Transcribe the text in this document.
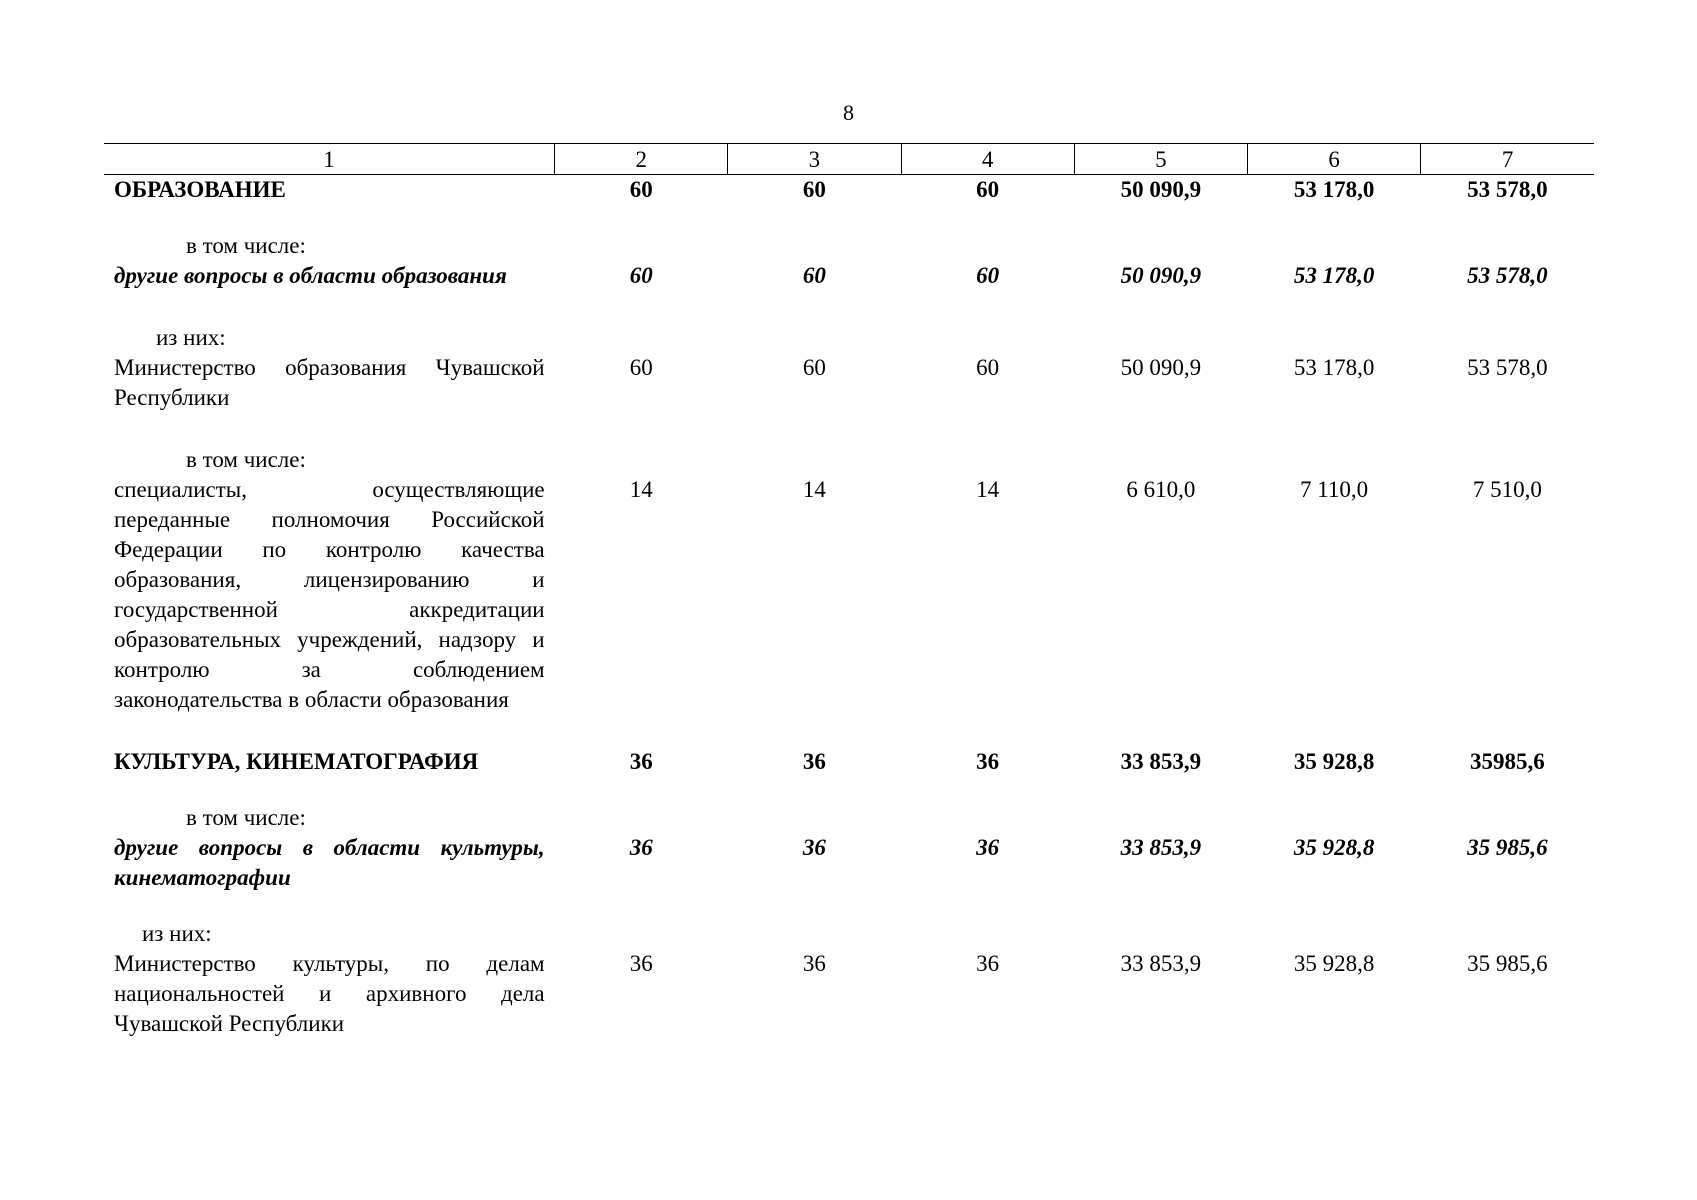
8
1	2	3	4	5	6	7
ОБРАЗОВАНИЕ	60	60	60	50 090,9	53 178,0	53 578,0

в том числе:						

другие вопросы в области образования	60	60	60	50 090,9	53 178,0	53 578,0

из них:						

Министерство образования Чувашской Республики	60	60	60	50 090,9	53 178,0	53 578,0

в том числе:						

специалисты, осуществляющие переданные полномочия Российской Федерации по контролю качества образования, лицензированию и государственной аккредитации образовательных учреждений, надзору и контролю за соблюдением законодательства в области образования	14	14	14	6 610,0	7 110,0	7 510,0

КУЛЬТУРА, КИНЕМАТОГРАФИЯ	36	36	36	33 853,9	35 928,8	35985,6

в том числе:						

другие вопросы в области культуры, кинематографии	36	36	36	33 853,9	35 928,8	35 985,6

из них:						

Министерство культуры, по делам национальностей и архивного дела Чувашской Республики	36	36	36	33 853,9	35 928,8	35 985,6
